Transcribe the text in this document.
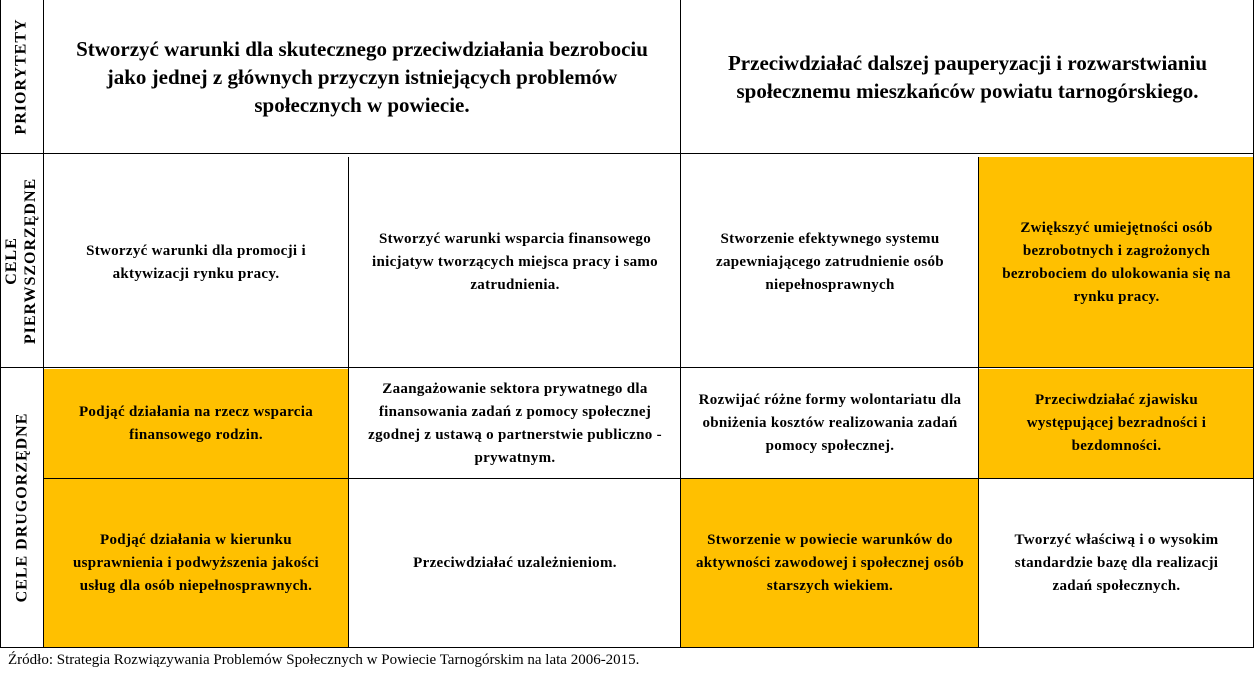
PRIORYTETY
CELE PIERWSZORZĘDNE
CELE DRUGORZĘDNE
Stworzyć warunki dla skutecznego przeciwdziałania bezrobociu jako jednej z głównych przyczyn istniejących problemów społecznych w powiecie.
Przeciwdziałać dalszej pauperyzacji i rozwarstwianiu społecznemu mieszkańców powiatu tarnogórskiego.
Stworzyć warunki dla promocji i aktywizacji rynku pracy.
Stworzyć warunki wsparcia finansowego inicjatyw tworzących miejsca pracy i samo zatrudnienia.
Stworzenie efektywnego systemu zapewniającego zatrudnienie osób niepełnosprawnych
Zwiększyć umiejętności osób bezrobotnych i zagrożonych bezrobociem do ulokowania się na rynku pracy.
Podjąć działania na rzecz wsparcia finansowego rodzin.
Zaangażowanie sektora prywatnego dla finansowania zadań z pomocy społecznej zgodnej z ustawą o partnerstwie publiczno - prywatnym.
Rozwijać różne formy wolontariatu dla obniżenia kosztów realizowania zadań pomocy społecznej.
Przeciwdziałać zjawisku występującej bezradności i bezdomności.
Podjąć działania w kierunku usprawnienia i podwyższenia jakości usług dla osób niepełnosprawnych.
Przeciwdziałać uzależnieniom.
Stworzenie w powiecie warunków do aktywności zawodowej i społecznej osób starszych wiekiem.
Tworzyć właściwą i o wysokim standardzie bazę dla realizacji zadań społecznych.
Źródło: Strategia Rozwiązywania Problemów Społecznych w Powiecie Tarnogórskim na lata 2006-2015.
